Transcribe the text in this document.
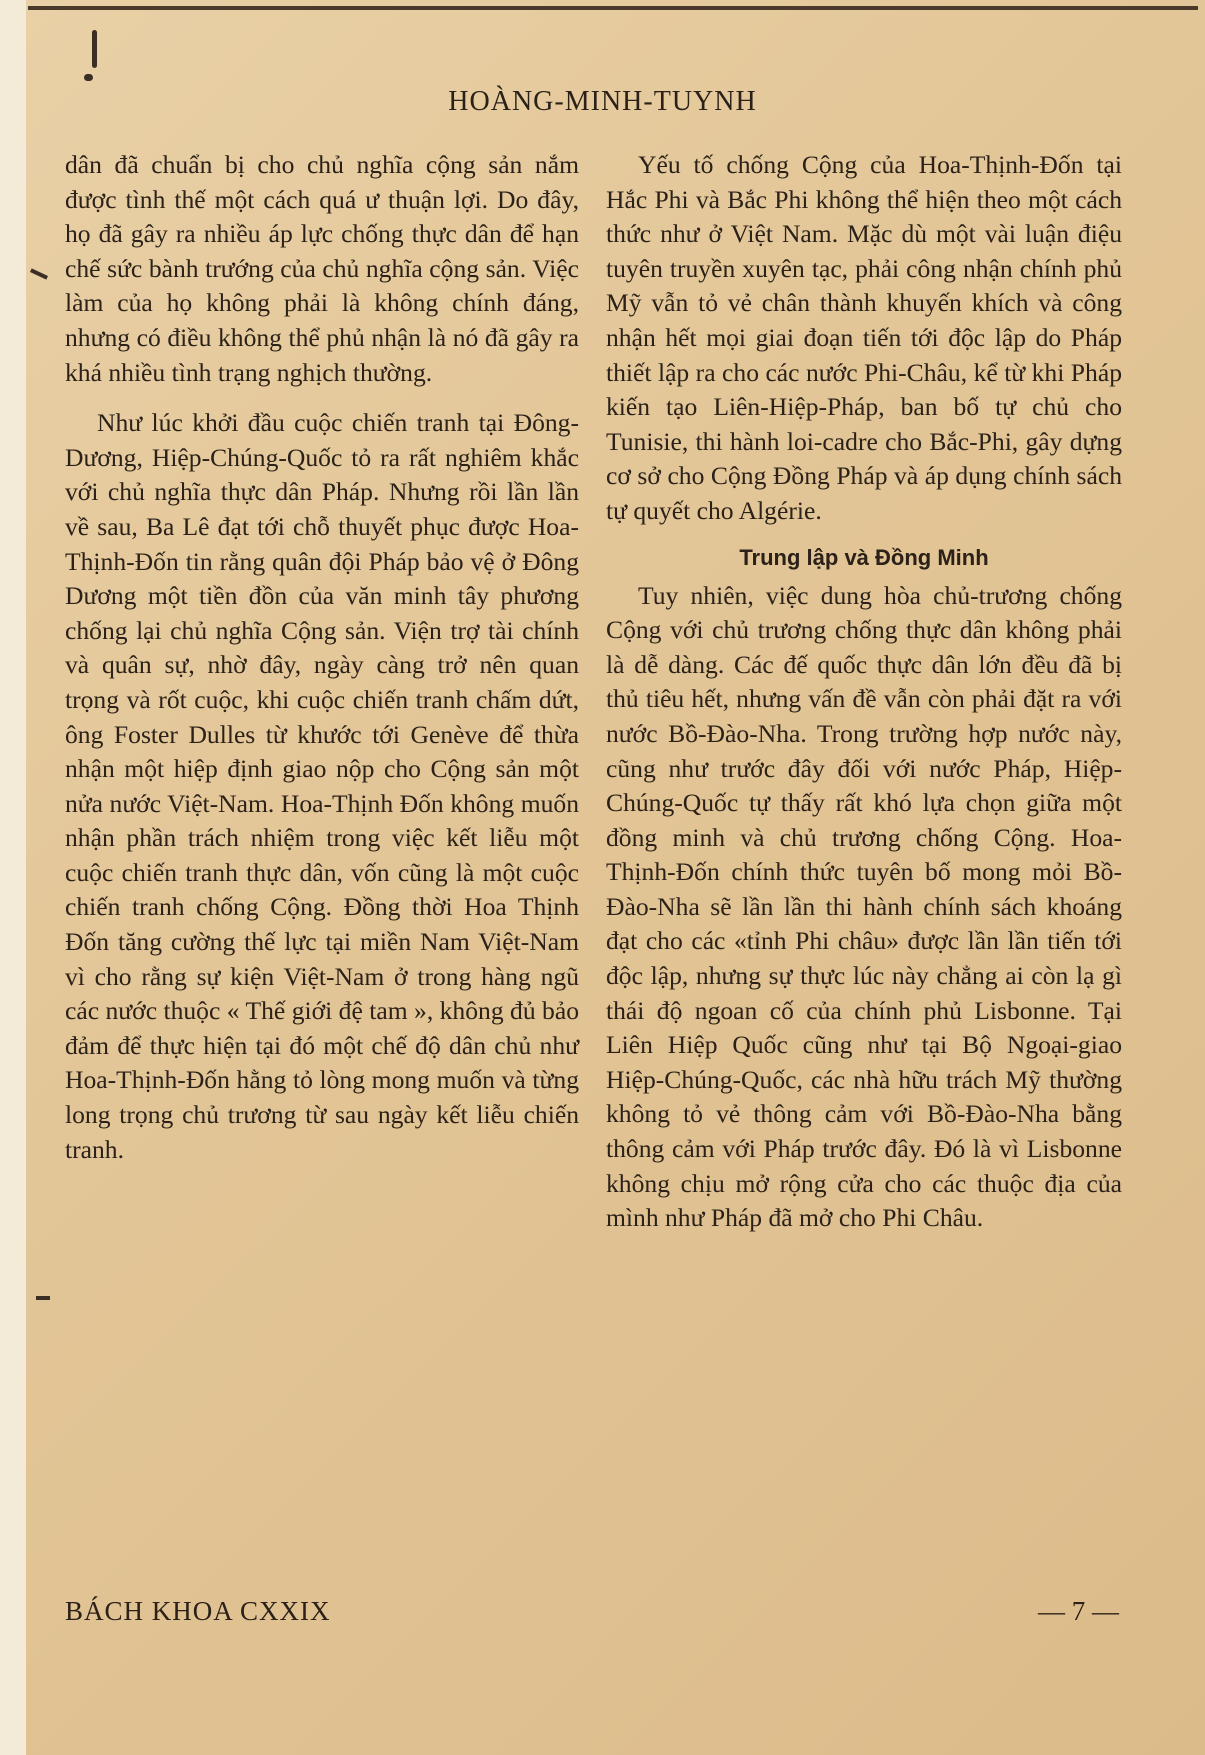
HOÀNG-MINH-TUYNH

dân đã chuẩn bị cho chủ nghĩa cộng sản nắm được tình thế một cách quá ư thuận lợi. Do đây, họ đã gây ra nhiều áp lực chống thực dân để hạn chế sức bành trướng của chủ nghĩa cộng sản. Việc làm của họ không phải là không chính đáng, nhưng có điều không thể phủ nhận là nó đã gây ra khá nhiều tình trạng nghịch thường.

Như lúc khởi đầu cuộc chiến tranh tại Đông-Dương, Hiệp-Chúng-Quốc tỏ ra rất nghiêm khắc với chủ nghĩa thực dân Pháp. Nhưng rồi lần lần về sau, Ba Lê đạt tới chỗ thuyết phục được Hoa-Thịnh-Đốn tin rằng quân đội Pháp bảo vệ ở Đông Dương một tiền đồn của văn minh tây phương chống lại chủ nghĩa Cộng sản. Viện trợ tài chính và quân sự, nhờ đây, ngày càng trở nên quan trọng và rốt cuộc, khi cuộc chiến tranh chấm dứt, ông Foster Dulles từ khước tới Genève để thừa nhận một hiệp định giao nộp cho Cộng sản một nửa nước Việt-Nam. Hoa-Thịnh Đốn không muốn nhận phần trách nhiệm trong việc kết liễu một cuộc chiến tranh thực dân, vốn cũng là một cuộc chiến tranh chống Cộng. Đồng thời Hoa Thịnh Đốn tăng cường thế lực tại miền Nam Việt-Nam vì cho rằng sự kiện Việt-Nam ở trong hàng ngũ các nước thuộc « Thế giới đệ tam », không đủ bảo đảm để thực hiện tại đó một chế độ dân chủ như Hoa-Thịnh-Đốn hằng tỏ lòng mong muốn và từng long trọng chủ trương từ sau ngày kết liễu chiến tranh.

Yếu tố chống Cộng của Hoa-Thịnh-Đốn tại Hắc Phi và Bắc Phi không thể hiện theo một cách thức như ở Việt Nam. Mặc dù một vài luận điệu tuyên truyền xuyên tạc, phải công nhận chính phủ Mỹ vẫn tỏ vẻ chân thành khuyến khích và công nhận hết mọi giai đoạn tiến tới độc lập do Pháp thiết lập ra cho các nước Phi-Châu, kể từ khi Pháp kiến tạo Liên-Hiệp-Pháp, ban bố tự chủ cho Tunisie, thi hành loi-cadre cho Bắc-Phi, gây dựng cơ sở cho Cộng Đồng Pháp và áp dụng chính sách tự quyết cho Algérie.

Trung lập và Đồng Minh

Tuy nhiên, việc dung hòa chủ-trương chống Cộng với chủ trương chống thực dân không phải là dễ dàng. Các đế quốc thực dân lớn đều đã bị thủ tiêu hết, nhưng vấn đề vẫn còn phải đặt ra với nước Bồ-Đào-Nha. Trong trường hợp nước này, cũng như trước đây đối với nước Pháp, Hiệp-Chúng-Quốc tự thấy rất khó lựa chọn giữa một đồng minh và chủ trương chống Cộng. Hoa-Thịnh-Đốn chính thức tuyên bố mong mỏi Bồ-Đào-Nha sẽ lần lần thi hành chính sách khoáng đạt cho các «tỉnh Phi châu» được lần lần tiến tới độc lập, nhưng sự thực lúc này chẳng ai còn lạ gì thái độ ngoan cố của chính phủ Lisbonne. Tại Liên Hiệp Quốc cũng như tại Bộ Ngoại-giao Hiệp-Chúng-Quốc, các nhà hữu trách Mỹ thường không tỏ vẻ thông cảm với Bồ-Đào-Nha bằng thông cảm với Pháp trước đây. Đó là vì Lisbonne không chịu mở rộng cửa cho các thuộc địa của mình như Pháp đã mở cho Phi Châu.

BÁCH KHOA CXXIX	— 7 —
